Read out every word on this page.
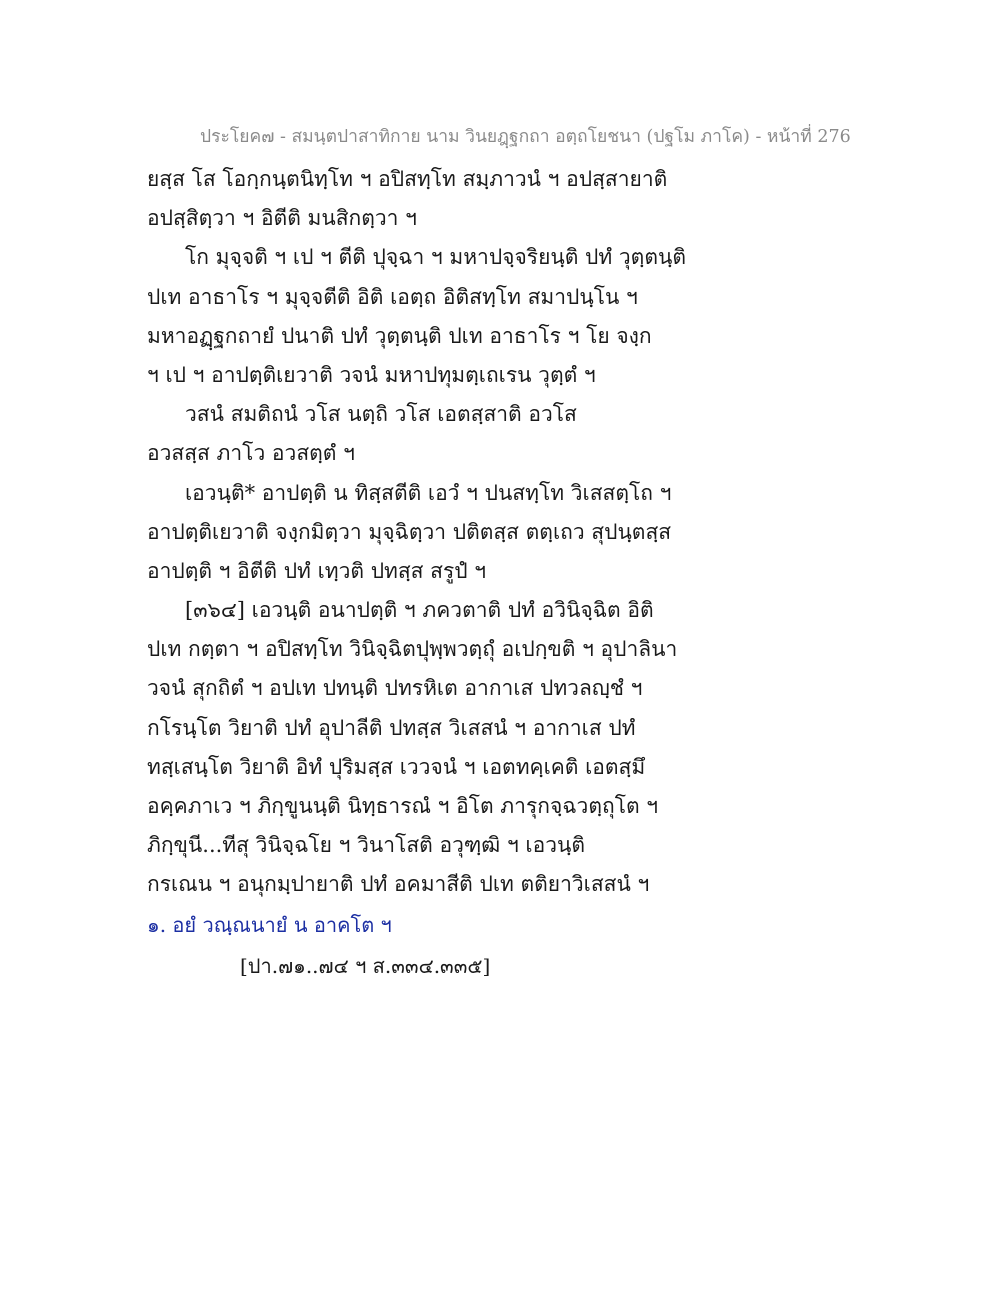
ประโยค๗ - สมนฺตปาสาทิกาย นาม วินยฎฺฐกถา อตฺถโยชนา (ปฐโม ภาโค) - หน้าที่ 276
ยสฺส โส โอกฺกนฺตนิทฺโท ฯ อปิสทฺโท สมฺภาวนํ ฯ อปสฺสายาติ
อปสฺสิตฺวา ฯ อิตีติ มนสิกตฺวา ฯ
โก มุจฺจติ ฯ เป ฯ ตีติ ปุจฺฉา ฯ มหาปจฺจริยนฺติ ปทํ วุตฺตนฺติ
ปเท อาธาโร ฯ มุจฺจตีติ อิติ เอตฺถ อิติสทฺโท สมาปนฺโน ฯ
มหาอฏฺฐกถายํ ปนาติ ปทํ วุตฺตนฺติ ปเท อาธาโร ฯ โย จงฺก
ฯ เป ฯ อาปตฺติเยวาติ วจนํ มหาปทุมตฺเถเรน วุตฺตํ ฯ
วสนํ สมติถนํ วโส นตฺถิ วโส เอตสฺสาติ อวโส
อวสสฺส ภาโว อวสตฺตํ ฯ
เอวนฺติ* อาปตฺติ น ทิสฺสตีติ เอวํ ฯ ปนสทฺโท วิเสสตฺโถ ฯ
อาปตฺติเยวาติ จงฺกมิตฺวา มุจฺฉิตฺวา ปติตสฺส ตตฺเถว สุปนฺตสฺส
อาปตฺติ ฯ อิตีติ ปทํ เทฺวติ ปทสฺส สรูปํ ฯ
[๓๖๔] เอวนฺติ อนาปตฺติ ฯ ภควตาติ ปทํ อวินิจฺฉิต อิติ
ปเท กตฺตา ฯ อปิสทฺโท วินิจฺฉิตปุพฺพวตฺถุํ อเปกฺขติ ฯ อุปาลินา
วจนํ สุกถิตํ ฯ อปเท ปทนฺติ ปทรหิเต อากาเส ปทวลญฺชํ ฯ
กโรนฺโต วิยาติ ปทํ อุปาลีติ ปทสฺส วิเสสนํ ฯ อากาเส ปทํ
ทสฺเสนฺโต วิยาติ อิทํ ปุริมสฺส เววจนํ ฯ เอตทคฺเคติ เอตสฺมึ
อคฺคภาเว ฯ ภิกฺขูนนฺติ นิทฺธารณํ ฯ อิโต ภารุกจฺฉวตฺถุโต ฯ
ภิกฺขุนี...ทีสุ วินิจฺฉโย ฯ วินาโสติ อวุฑฺฒิ ฯ เอวนฺติ
กรเณน ฯ อนุกมฺปายาติ ปทํ อคมาสีติ ปเท ตติยาวิเสสนํ ฯ
๑. อยํ วณฺณนายํ น อาคโต ฯ
[ปา.๗๑..๗๔ ฯ ส.๓๓๔.๓๓๕]
